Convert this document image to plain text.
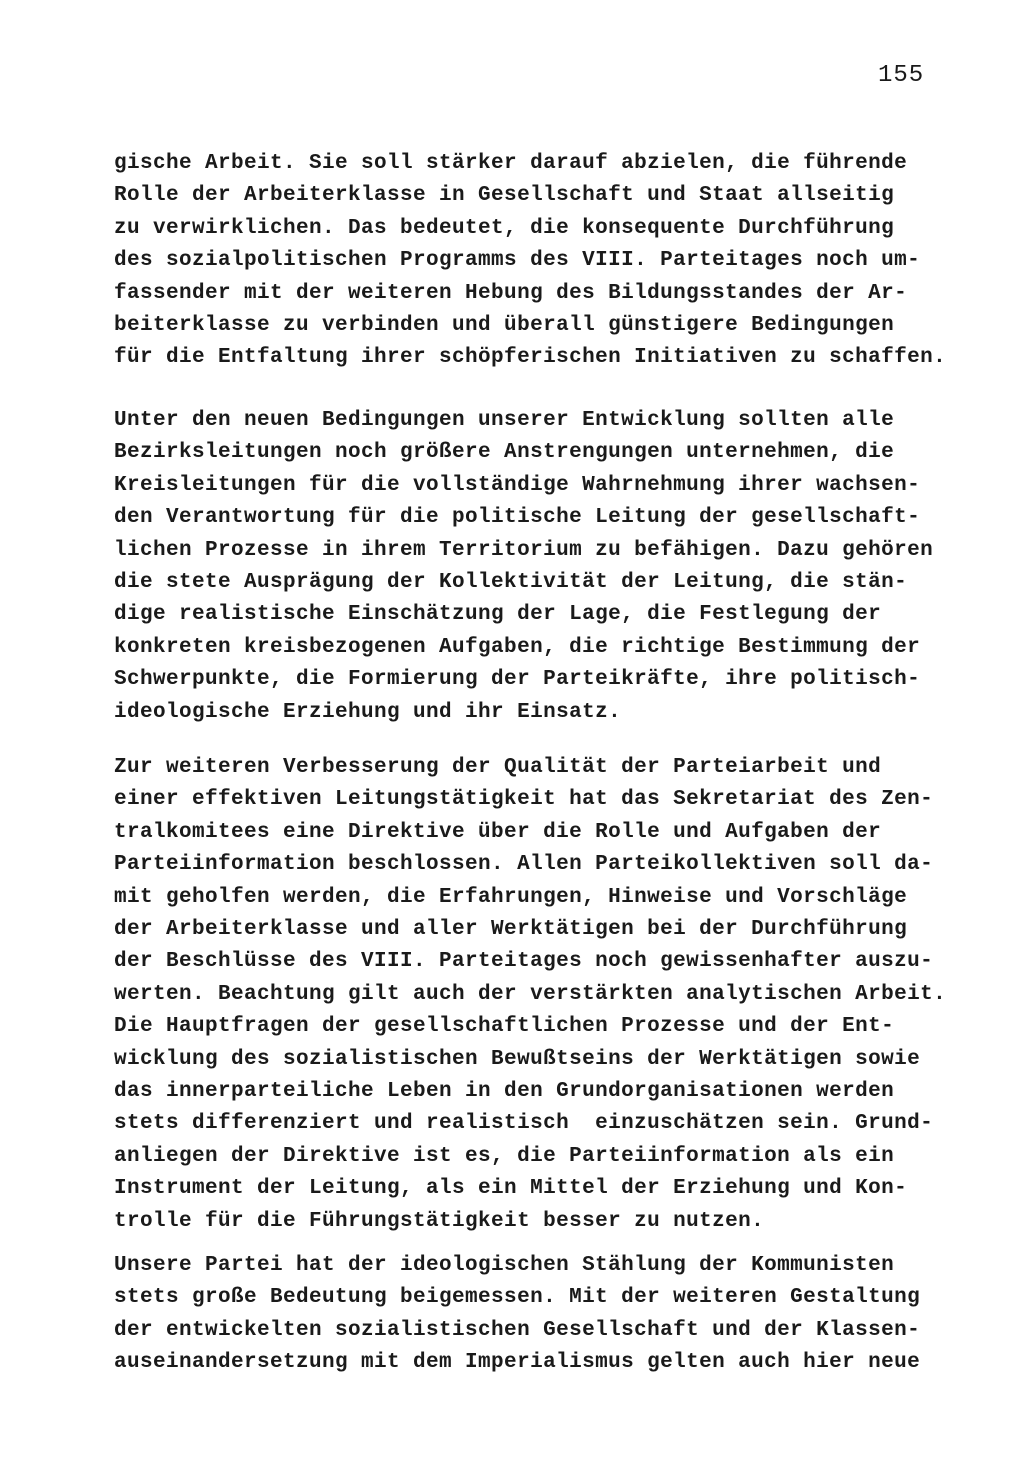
155
gische Arbeit. Sie soll stärker darauf abzielen, die führende
Rolle der Arbeiterklasse in Gesellschaft und Staat allseitig
zu verwirklichen. Das bedeutet, die konsequente Durchführung
des sozialpolitischen Programms des VIII. Parteitages noch um-
fassender mit der weiteren Hebung des Bildungsstandes der Ar-
beiterklasse zu verbinden und überall günstigere Bedingungen
für die Entfaltung ihrer schöpferischen Initiativen zu schaffen.
Unter den neuen Bedingungen unserer Entwicklung sollten alle
Bezirksleitungen noch größere Anstrengungen unternehmen, die
Kreisleitungen für die vollständige Wahrnehmung ihrer wachsen-
den Verantwortung für die politische Leitung der gesellschaft-
lichen Prozesse in ihrem Territorium zu befähigen. Dazu gehören
die stete Ausprägung der Kollektivität der Leitung, die stän-
dige realistische Einschätzung der Lage, die Festlegung der
konkreten kreisbezogenen Aufgaben, die richtige Bestimmung der
Schwerpunkte, die Formierung der Parteikräfte, ihre politisch-
ideologische Erziehung und ihr Einsatz.
Zur weiteren Verbesserung der Qualität der Parteiarbeit und
einer effektiven Leitungstätigkeit hat das Sekretariat des Zen-
tralkomitees eine Direktive über die Rolle und Aufgaben der
Parteiinformation beschlossen. Allen Parteikollektiven soll da-
mit geholfen werden, die Erfahrungen, Hinweise und Vorschläge
der Arbeiterklasse und aller Werktätigen bei der Durchführung
der Beschlüsse des VIII. Parteitages noch gewissenhafter auszu-
werten. Beachtung gilt auch der verstärkten analytischen Arbeit.
Die Hauptfragen der gesellschaftlichen Prozesse und der Ent-
wicklung des sozialistischen Bewußtseins der Werktätigen sowie
das innerparteiliche Leben in den Grundorganisationen werden
stets differenziert und realistisch  einzuschätzen sein. Grund-
anliegen der Direktive ist es, die Parteiinformation als ein
Instrument der Leitung, als ein Mittel der Erziehung und Kon-
trolle für die Führungstätigkeit besser zu nutzen.
Unsere Partei hat der ideologischen Stählung der Kommunisten
stets große Bedeutung beigemessen. Mit der weiteren Gestaltung
der entwickelten sozialistischen Gesellschaft und der Klassen-
auseinandersetzung mit dem Imperialismus gelten auch hier neue
